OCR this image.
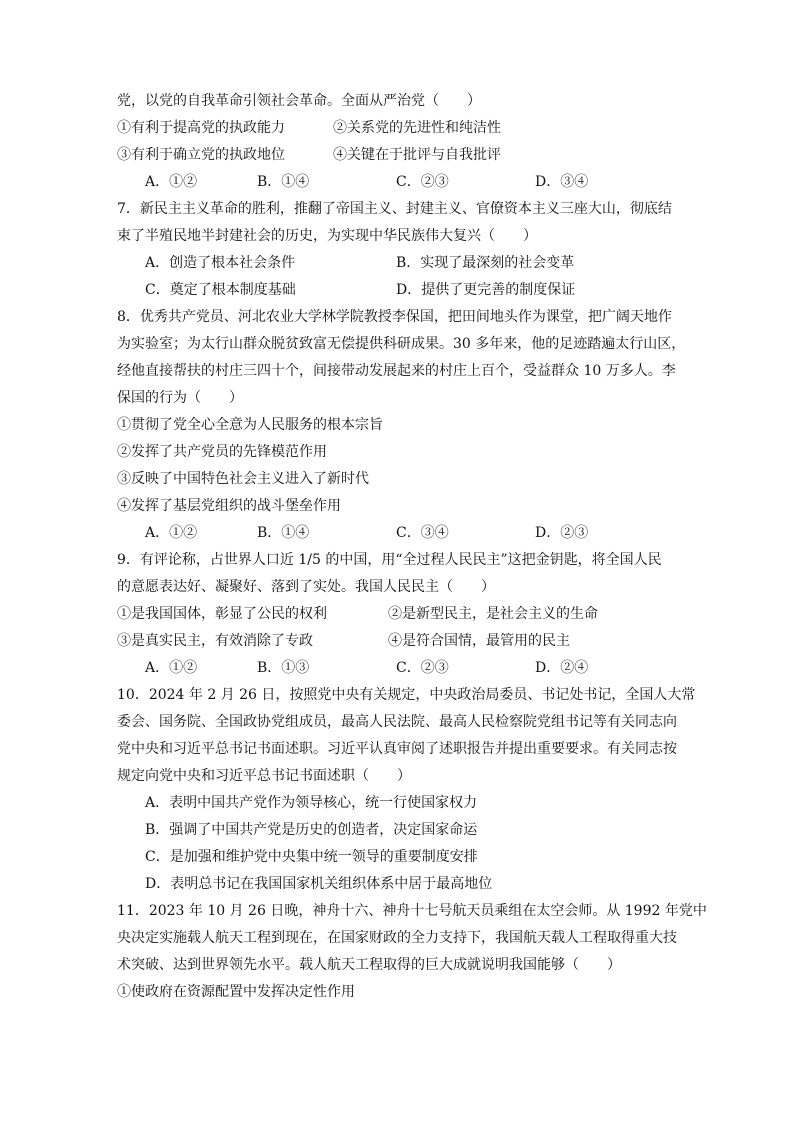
党，以党的自我革命引领社会革命。全面从严治党（　　）
①有利于提高党的执政能力	②关系党的先进性和纯洁性
③有利于确立党的执政地位	④关键在于批评与自我批评
A．①②	B．①④	C．②③	D．③④
7．新民主主义革命的胜利，推翻了帝国主义、封建主义、官僚资本主义三座大山，彻底结
束了半殖民地半封建社会的历史，为实现中华民族伟大复兴（　　）
A．创造了根本社会条件	B．实现了最深刻的社会变革
C．奠定了根本制度基础	D．提供了更完善的制度保证
8．优秀共产党员、河北农业大学林学院教授李保国，把田间地头作为课堂，把广阔天地作
为实验室；为太行山群众脱贫致富无偿提供科研成果。30 多年来，他的足迹踏遍太行山区，
经他直接帮扶的村庄三四十个，间接带动发展起来的村庄上百个，受益群众 10 万多人。李
保国的行为（　　）
①贯彻了党全心全意为人民服务的根本宗旨
②发挥了共产党员的先锋模范作用
③反映了中国特色社会主义进入了新时代
④发挥了基层党组织的战斗堡垒作用
A．①②	B．①④	C．③④	D．②③
9．有评论称，占世界人口近 1/5 的中国，用“全过程人民民主”这把金钥匙，将全国人民
的意愿表达好、凝聚好、落到了实处。我国人民民主（　　）
①是我国国体，彰显了公民的权利	②是新型民主，是社会主义的生命
③是真实民主，有效消除了专政	④是符合国情，最管用的民主
A．①②	B．①③	C．②③	D．②④
10．2024 年 2 月 26 日，按照党中央有关规定，中央政治局委员、书记处书记，全国人大常
委会、国务院、全国政协党组成员，最高人民法院、最高人民检察院党组书记等有关同志向
党中央和习近平总书记书面述职。习近平认真审阅了述职报告并提出重要要求。有关同志按
规定向党中央和习近平总书记书面述职（　　）
A．表明中国共产党作为领导核心，统一行使国家权力
B．强调了中国共产党是历史的创造者，决定国家命运
C．是加强和维护党中央集中统一领导的重要制度安排
D．表明总书记在我国国家机关组织体系中居于最高地位
11．2023 年 10 月 26 日晚，神舟十六、神舟十七号航天员乘组在太空会师。从 1992 年党中
央决定实施载人航天工程到现在，在国家财政的全力支持下，我国航天载人工程取得重大技
术突破、达到世界领先水平。载人航天工程取得的巨大成就说明我国能够（　　）
①使政府在资源配置中发挥决定性作用
